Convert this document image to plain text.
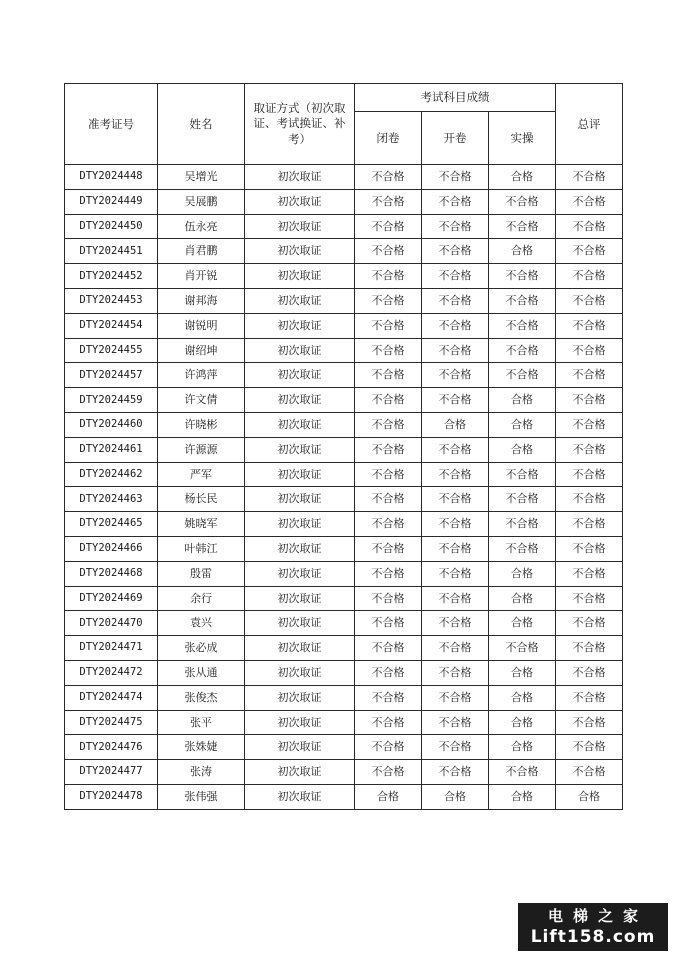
准考证号	姓名	取证方式（初次取证、考试换证、补考）	考试科目成绩			总评
			闭卷	开卷	实操	
DTY2024448	吴增光	初次取证	不合格	不合格	合格	不合格
DTY2024449	吴展鹏	初次取证	不合格	不合格	不合格	不合格
DTY2024450	伍永亮	初次取证	不合格	不合格	不合格	不合格
DTY2024451	肖君鹏	初次取证	不合格	不合格	合格	不合格
DTY2024452	肖开锐	初次取证	不合格	不合格	不合格	不合格
DTY2024453	谢邦海	初次取证	不合格	不合格	不合格	不合格
DTY2024454	谢锐明	初次取证	不合格	不合格	不合格	不合格
DTY2024455	谢绍坤	初次取证	不合格	不合格	不合格	不合格
DTY2024457	许鸿萍	初次取证	不合格	不合格	不合格	不合格
DTY2024459	许文倩	初次取证	不合格	不合格	合格	不合格
DTY2024460	许晓彬	初次取证	不合格	合格	合格	不合格
DTY2024461	许源源	初次取证	不合格	不合格	合格	不合格
DTY2024462	严军	初次取证	不合格	不合格	不合格	不合格
DTY2024463	杨长民	初次取证	不合格	不合格	不合格	不合格
DTY2024465	姚晓军	初次取证	不合格	不合格	不合格	不合格
DTY2024466	叶韩江	初次取证	不合格	不合格	不合格	不合格
DTY2024468	殷雷	初次取证	不合格	不合格	合格	不合格
DTY2024469	余行	初次取证	不合格	不合格	合格	不合格
DTY2024470	袁兴	初次取证	不合格	不合格	合格	不合格
DTY2024471	张必成	初次取证	不合格	不合格	不合格	不合格
DTY2024472	张从通	初次取证	不合格	不合格	合格	不合格
DTY2024474	张俊杰	初次取证	不合格	不合格	合格	不合格
DTY2024475	张平	初次取证	不合格	不合格	合格	不合格
DTY2024476	张姝婕	初次取证	不合格	不合格	合格	不合格
DTY2024477	张涛	初次取证	不合格	不合格	不合格	不合格
DTY2024478	张伟强	初次取证	合格	合格	合格	合格
电梯之家
Lift158.com
